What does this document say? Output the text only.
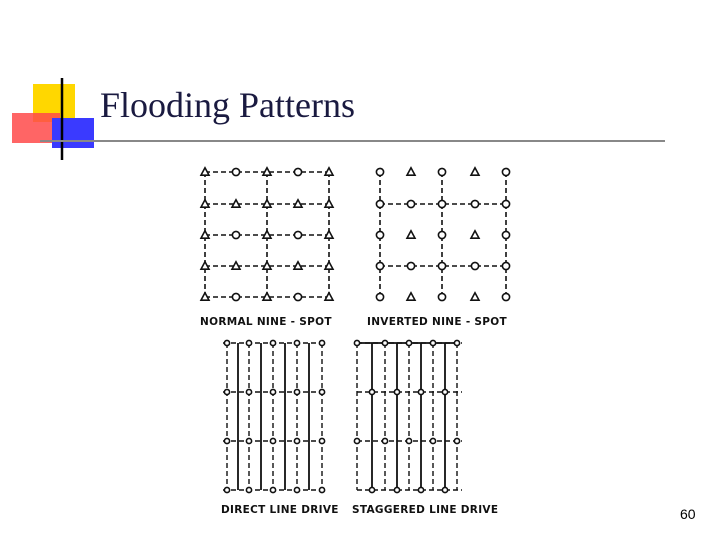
Flooding Patterns
NORMAL NINE - SPOT	INVERTED NINE - SPOT
DIRECT LINE DRIVE STAGGERED LINE DRIVE	60
